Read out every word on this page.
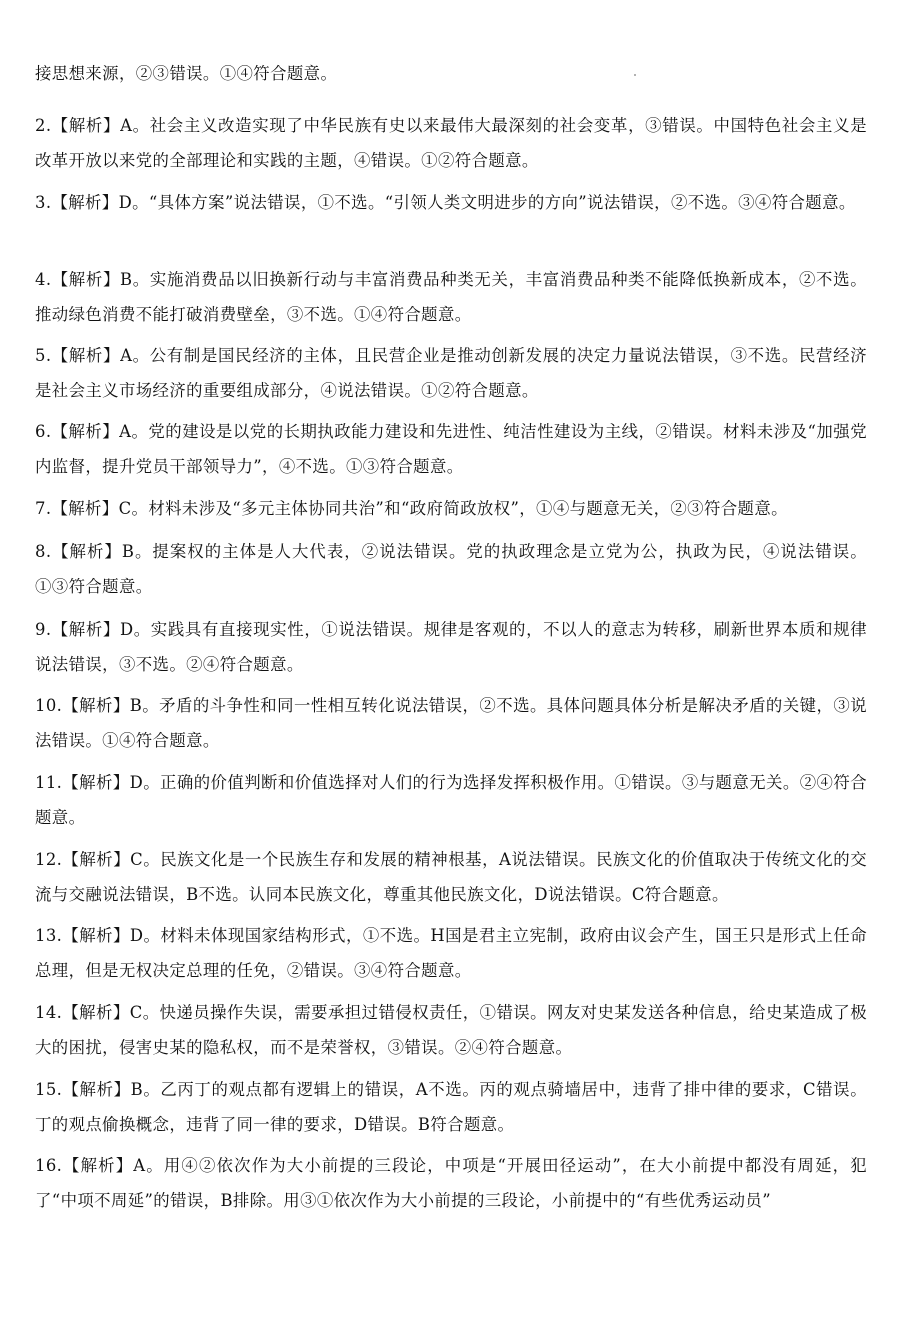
接思想来源，②③错误。①④符合题意。
2.【解析】A。社会主义改造实现了中华民族有史以来最伟大最深刻的社会变革，③错误。中国特色社会主义是改革开放以来党的全部理论和实践的主题，④错误。①②符合题意。
3.【解析】D。“具体方案”说法错误，①不选。“引领人类文明进步的方向”说法错误，②不选。③④符合题意。
4.【解析】B。实施消费品以旧换新行动与丰富消费品种类无关，丰富消费品种类不能降低换新成本，②不选。推动绿色消费不能打破消费壁垒，③不选。①④符合题意。
5.【解析】A。公有制是国民经济的主体，且民营企业是推动创新发展的决定力量说法错误，③不选。民营经济是社会主义市场经济的重要组成部分，④说法错误。①②符合题意。
6.【解析】A。党的建设是以党的长期执政能力建设和先进性、纯洁性建设为主线，②错误。材料未涉及“加强党内监督，提升党员干部领导力”，④不选。①③符合题意。
7.【解析】C。材料未涉及“多元主体协同共治”和“政府简政放权”，①④与题意无关，②③符合题意。
8.【解析】B。提案权的主体是人大代表，②说法错误。党的执政理念是立党为公，执政为民，④说法错误。①③符合题意。
9.【解析】D。实践具有直接现实性，①说法错误。规律是客观的，不以人的意志为转移，刷新世界本质和规律说法错误，③不选。②④符合题意。
10.【解析】B。矛盾的斗争性和同一性相互转化说法错误，②不选。具体问题具体分析是解决矛盾的关键，③说法错误。①④符合题意。
11.【解析】D。正确的价值判断和价值选择对人们的行为选择发挥积极作用。①错误。③与题意无关。②④符合题意。
12.【解析】C。民族文化是一个民族生存和发展的精神根基，A说法错误。民族文化的价值取决于传统文化的交流与交融说法错误，B不选。认同本民族文化，尊重其他民族文化，D说法错误。C符合题意。
13.【解析】D。材料未体现国家结构形式，①不选。H国是君主立宪制，政府由议会产生，国王只是形式上任命总理，但是无权决定总理的任免，②错误。③④符合题意。
14.【解析】C。快递员操作失误，需要承担过错侵权责任，①错误。网友对史某发送各种信息，给史某造成了极大的困扰，侵害史某的隐私权，而不是荣誉权，③错误。②④符合题意。
15.【解析】B。乙丙丁的观点都有逻辑上的错误，A不选。丙的观点骑墙居中，违背了排中律的要求，C错误。丁的观点偷换概念，违背了同一律的要求，D错误。B符合题意。
16.【解析】A。用④②依次作为大小前提的三段论，中项是“开展田径运动”，在大小前提中都没有周延，犯了“中项不周延”的错误，B排除。用③①依次作为大小前提的三段论，小前提中的“有些优秀运动员”
